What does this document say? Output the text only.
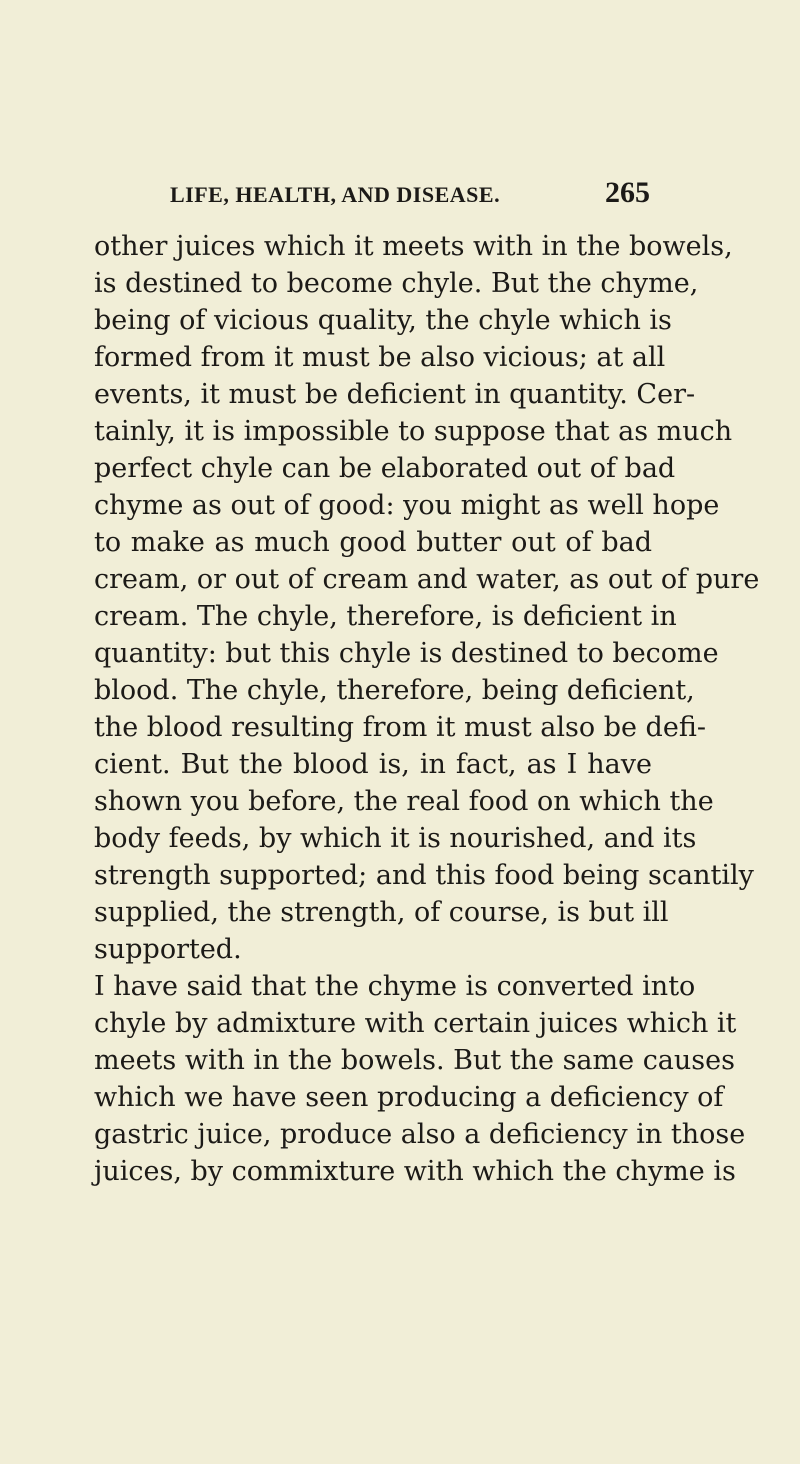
LIFE, HEALTH, AND DISEASE.	265
other juices which it meets with in the bowels,
is destined to become chyle. But the chyme,
being of vicious quality, the chyle which is
formed from it must be also vicious; at all
events, it must be deficient in quantity. Cer-
tainly, it is impossible to suppose that as much
perfect chyle can be elaborated out of bad
chyme as out of good: you might as well hope
to make as much good butter out of bad
cream, or out of cream and water, as out of pure
cream. The chyle, therefore, is deficient in
quantity: but this chyle is destined to become
blood. The chyle, therefore, being deficient,
the blood resulting from it must also be defi-
cient. But the blood is, in fact, as I have
shown you before, the real food on which the
body feeds, by which it is nourished, and its
strength supported; and this food being scantily
supplied, the strength, of course, is but ill
supported.
I have said that the chyme is converted into
chyle by admixture with certain juices which it
meets with in the bowels. But the same causes
which we have seen producing a deficiency of
gastric juice, produce also a deficiency in those
juices, by commixture with which the chyme is
